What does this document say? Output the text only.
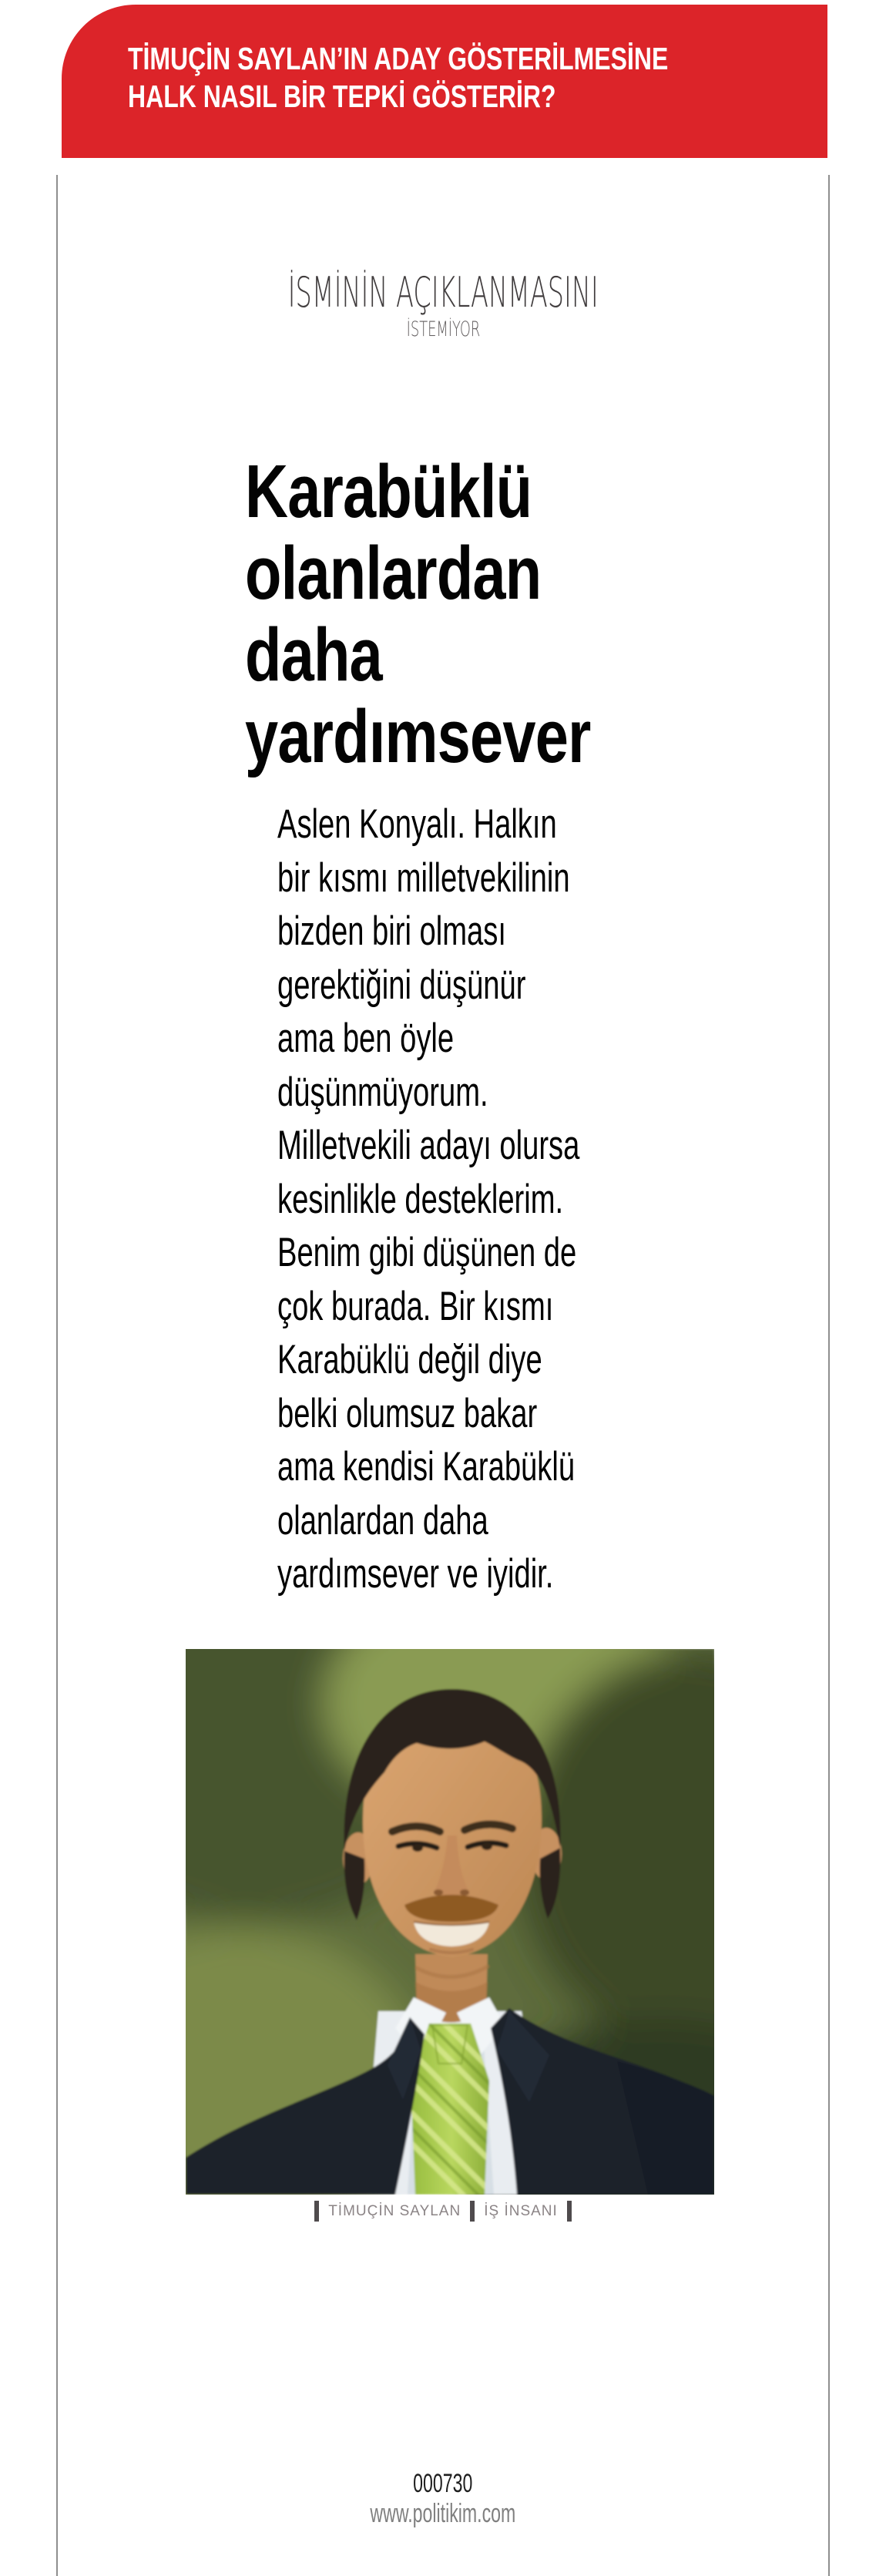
TİMUÇİN SAYLAN’IN ADAY GÖSTERİLMESİNE
HALK NASIL BİR TEPKİ GÖSTERİR?
İSMİNİN AÇIKLANMASINI
İSTEMİYOR
Karabüklü
olanlardan
daha
yardımsever
Aslen Konyalı. Halkın
bir kısmı milletvekilinin
bizden biri olması
gerektiğini düşünür
ama ben öyle
düşünmüyorum.
Milletvekili adayı olursa
kesinlikle desteklerim.
Benim gibi düşünen de
çok burada. Bir kısmı
Karabüklü değil diye
belki olumsuz bakar
ama kendisi Karabüklü
olanlardan daha
yardımsever ve iyidir.
TİMUÇİN SAYLAN İŞ İNSANI
000730
www.politikim.com
